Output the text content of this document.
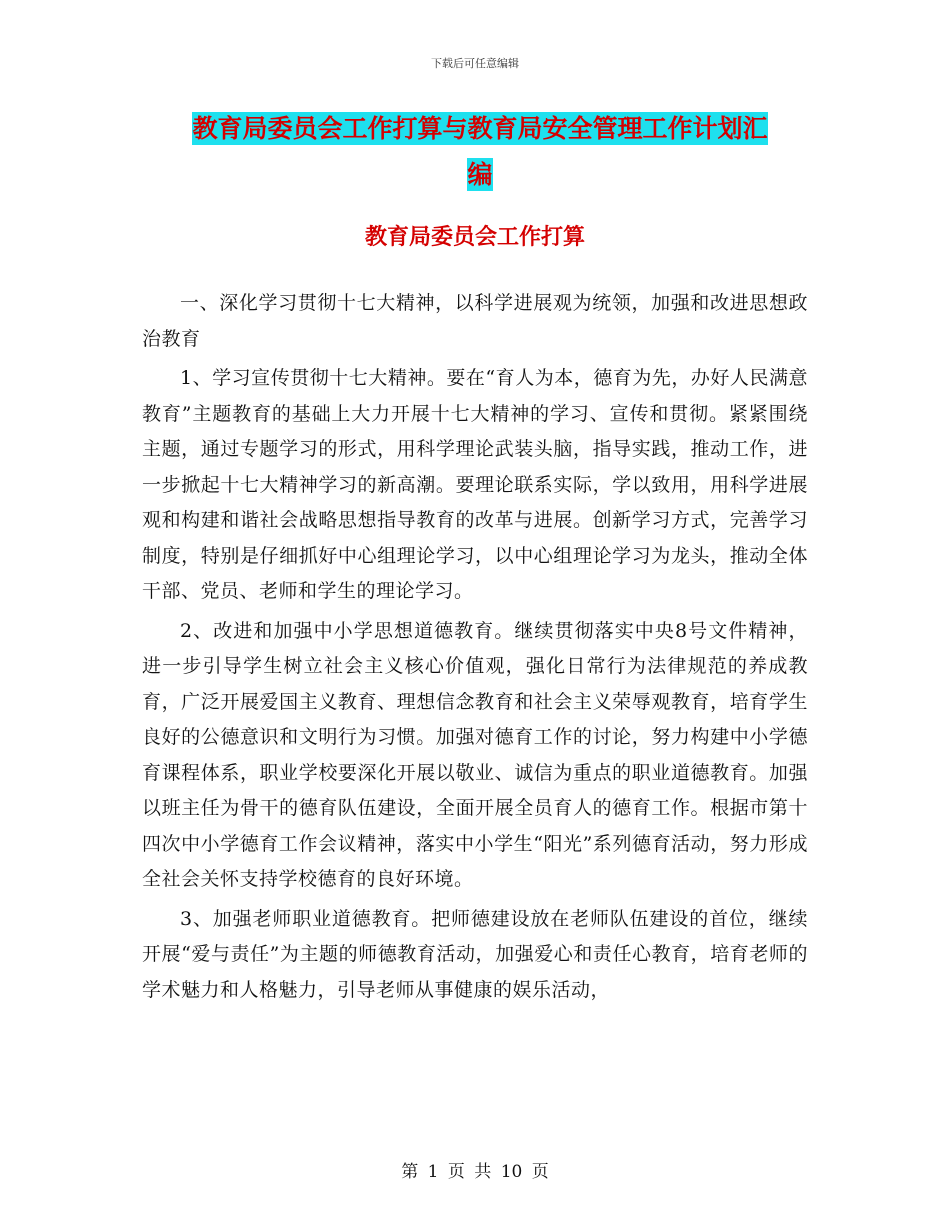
下载后可任意编辑
教育局委员会工作打算与教育局安全管理工作计划汇
编
教育局委员会工作打算

一、深化学习贯彻十七大精神，以科学进展观为统领，加强和改进思想政治教育

1、学习宣传贯彻十七大精神。要在“育人为本，德育为先，办好人民满意教育”主题教育的基础上大力开展十七大精神的学习、宣传和贯彻。紧紧围绕主题，通过专题学习的形式，用科学理论武装头脑，指导实践，推动工作，进一步掀起十七大精神学习的新高潮。要理论联系实际，学以致用，用科学进展观和构建和谐社会战略思想指导教育的改革与进展。创新学习方式，完善学习制度，特别是仔细抓好中心组理论学习，以中心组理论学习为龙头，推动全体干部、党员、老师和学生的理论学习。

2、改进和加强中小学思想道德教育。继续贯彻落实中央8号文件精神，进一步引导学生树立社会主义核心价值观，强化日常行为法律规范的养成教育，广泛开展爱国主义教育、理想信念教育和社会主义荣辱观教育，培育学生良好的公德意识和文明行为习惯。加强对德育工作的讨论，努力构建中小学德育课程体系，职业学校要深化开展以敬业、诚信为重点的职业道德教育。加强以班主任为骨干的德育队伍建设，全面开展全员育人的德育工作。根据市第十四次中小学德育工作会议精神，落实中小学生“阳光”系列德育活动，努力形成全社会关怀支持学校德育的良好环境。

3、加强老师职业道德教育。把师德建设放在老师队伍建设的首位，继续开展“爱与责任”为主题的师德教育活动，加强爱心和责任心教育，培育老师的学术魅力和人格魅力，引导老师从事健康的娱乐活动，

第 1 页 共 10 页
